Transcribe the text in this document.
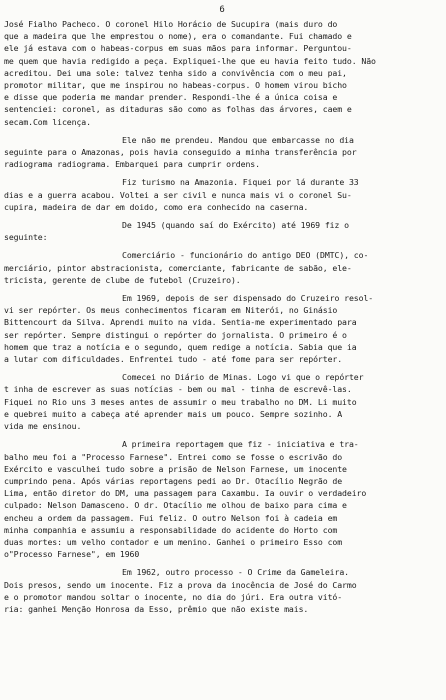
6
José Fialho Pacheco. O coronel Hilo Horácio de Sucupira (mais duro do
que a madeira que lhe emprestou o nome), era o comandante. Fui chamado e
ele já estava com o habeas-corpus em suas mãos para informar. Perguntou-
me quem que havia redigido a peça. Expliquei-lhe que eu havia feito tudo. Não
acreditou. Dei uma sole: talvez tenha sido a convivência com o meu pai,
promotor militar, que me inspirou no habeas-corpus. O homem virou bicho
e disse que poderia me mandar prender. Respondi-lhe é a única coisa e
sentenciei: coronel, as ditaduras são como as folhas das árvores, caem e
secam.Com licença.
Ele não me prendeu. Mandou que embarcasse no dia
seguinte para o Amazonas, pois havia conseguido a minha transferência por
radiograma radiograma. Embarquei para cumprir ordens.
Fiz turismo na Amazonia. Fiquei por lá durante 33
dias e a guerra acabou. Voltei a ser civil e nunca mais vi o coronel Su-
cupira, madeira de dar em doido, como era conhecido na caserna.
De 1945 (quando saí do Exército) até 1969 fiz o
seguinte:
Comerciário - funcionário do antigo DEO (DMTC), co-
merciário, pintor abstracionista, comerciante, fabricante de sabão, ele-
tricista, gerente de clube de futebol (Cruzeiro).
Em 1969, depois de ser dispensado do Cruzeiro resol-
vi ser repórter. Os meus conhecimentos ficaram em Niterói, no Ginásio
Bittencourt da Silva. Aprendi muito na vida. Sentia-me experimentado para
ser repórter. Sempre distingui o repórter do jornalista. O primeiro é o
homem que traz a notícia e o segundo, quem redige a notícia. Sabia que ia
a lutar com dificuldades. Enfrentei tudo - até fome para ser repórter.
Comecei no Diário de Minas. Logo vi que o repórter
t inha de escrever as suas notícias - bem ou mal - tinha de escrevê-las.
Fiquei no Rio uns 3 meses antes de assumir o meu trabalho no DM. Li muito
e quebrei muito a cabeça até aprender mais um pouco. Sempre sozinho. A
vida me ensinou.
A primeira reportagem que fiz - iniciativa e tra-
balho meu foi a "Processo Farnese". Entrei como se fosse o escrivão do
Exército e vasculhei tudo sobre a prisão de Nelson Farnese, um inocente
cumprindo pena. Após várias reportagens pedi ao Dr. Otacílio Negrão de
Lima, então diretor do DM, uma passagem para Caxambu. Ia ouvir o verdadeiro
culpado: Nelson Damasceno. O dr. Otacílio me olhou de baixo para cima e
encheu a ordem da passagem. Fui feliz. O outro Nelson foi à cadeia em
minha companhia e assumiu a responsabilidade do acidente do Horto com
duas mortes: um velho contador e um menino. Ganhei o primeiro Esso com
o"Processo Farnese", em 1960
Em 1962, outro processo - O Crime da Gameleira.
Dois presos, sendo um inocente. Fiz a prova da inocência de José do Carmo
e o promotor mandou soltar o inocente, no dia do júri. Era outra vitó-
ria: ganhei Menção Honrosa da Esso, prêmio que não existe mais.
